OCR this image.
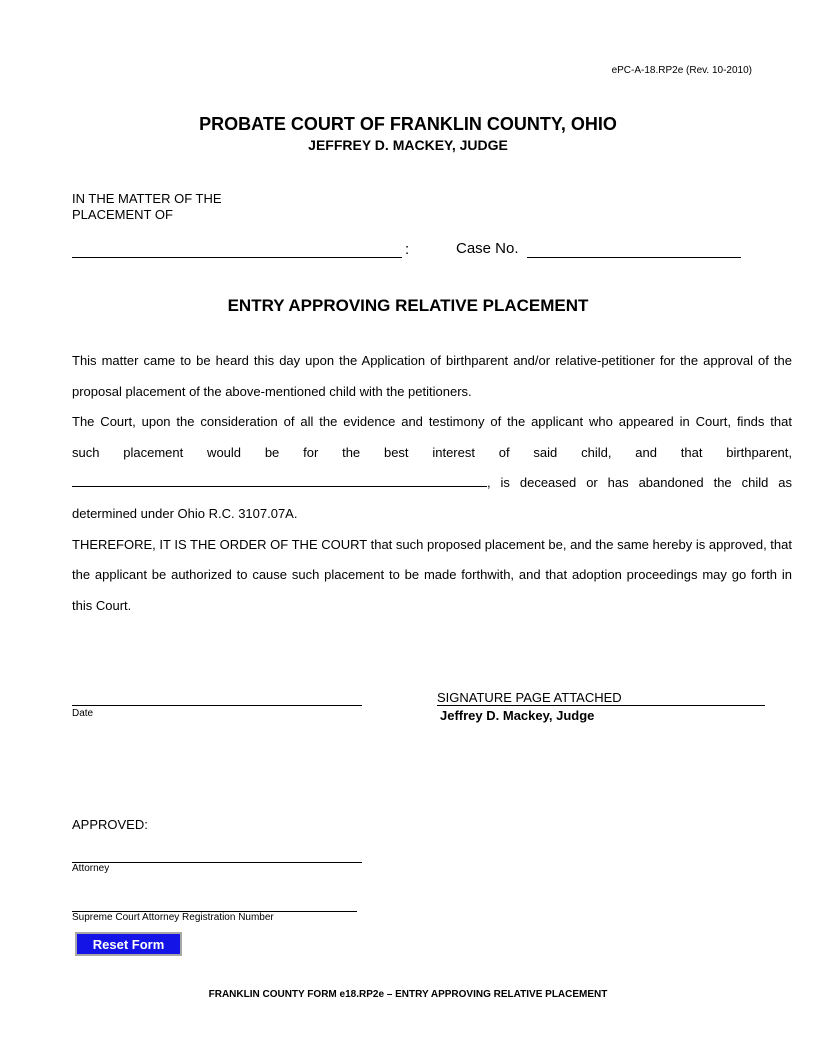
ePC-A-18.RP2e (Rev. 10-2010)
PROBATE COURT OF FRANKLIN COUNTY, OHIO
JEFFREY D. MACKEY, JUDGE
IN THE MATTER OF THE
PLACEMENT OF
:	Case No.
ENTRY APPROVING RELATIVE PLACEMENT

This matter came to be heard this day upon the Application of birthparent and/or relative-petitioner for the approval of the proposal placement of the above-mentioned child with the petitioners.

The Court, upon the consideration of all the evidence and testimony of the applicant who appeared in Court, finds that

such placement would be for the best interest of said child, and that birthparent,

, is deceased or has abandoned the child as

determined under Ohio R.C. 3107.07A.

THEREFORE, IT IS THE ORDER OF THE COURT that such proposed placement be, and the same hereby is approved, that the applicant be authorized to cause such placement to be made forthwith, and that adoption proceedings may go forth in this Court.

Date
SIGNATURE PAGE ATTACHED
Jeffrey D. Mackey, Judge
APPROVED:
Attorney
Supreme Court Attorney Registration Number
Reset Form
FRANKLIN COUNTY FORM e18.RP2e – ENTRY APPROVING RELATIVE PLACEMENT
